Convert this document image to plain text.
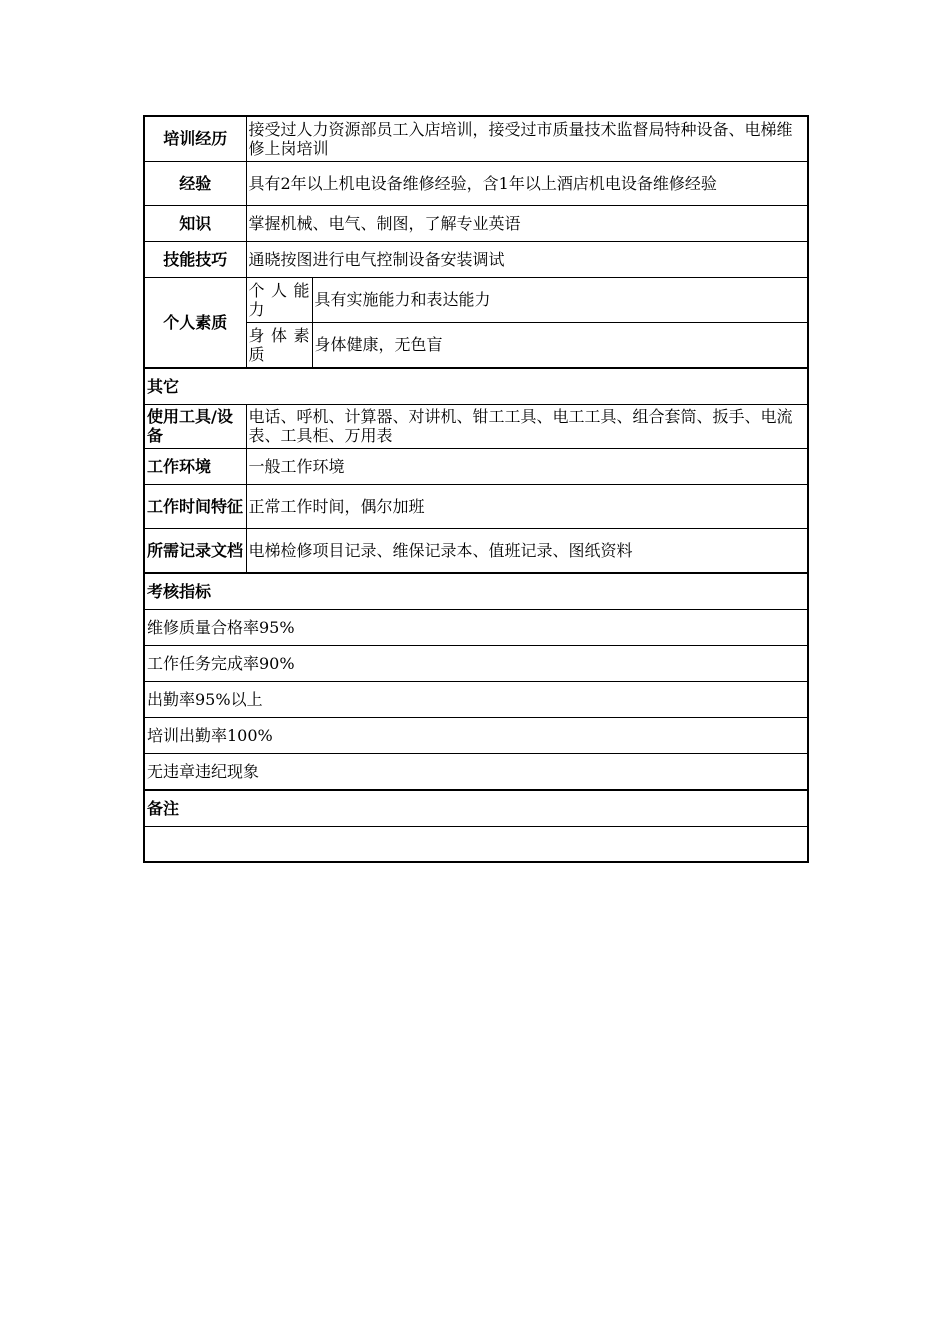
培训经历	接受过人力资源部员工入店培训，接受过市质量技术监督局特种设备、电梯维修上岗培训	
经验	具有2年以上机电设备维修经验，含1年以上酒店机电设备维修经验	
知识	掌握机械、电气、制图，了解专业英语	
技能技巧	通晓按图进行电气控制设备安装调试	
个人素质	个人能力	具有实施能力和表达能力
	身体素质	身体健康，无色盲
其它		
使用工具/设备	电话、呼机、计算器、对讲机、钳工工具、电工工具、组合套筒、扳手、电流表、工具柜、万用表	
工作环境	一般工作环境	
工作时间特征	正常工作时间，偶尔加班	
所需记录文档	电梯检修项目记录、维保记录本、值班记录、图纸资料	
考核指标		
维修质量合格率95%		
工作任务完成率90%		
出勤率95%以上		
培训出勤率100%		
无违章违纪现象		
备注		
